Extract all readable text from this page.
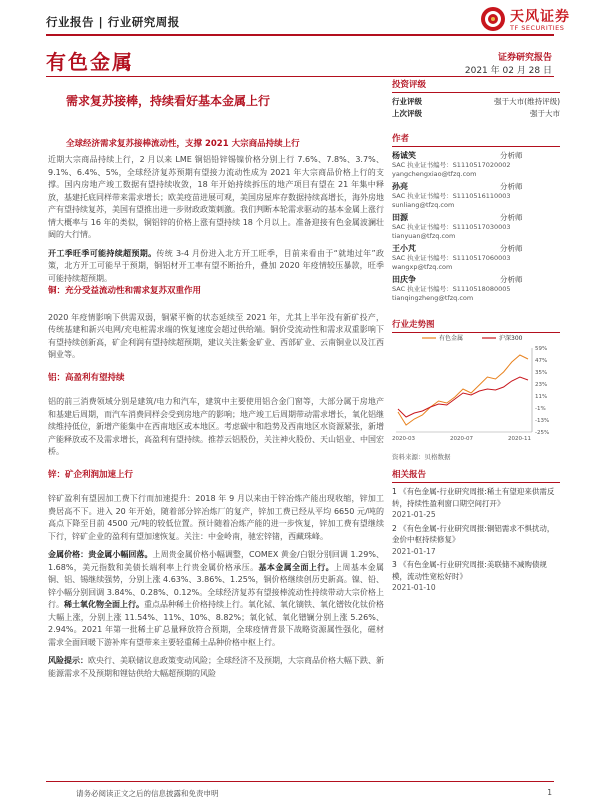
行业报告 | 行业研究周报	天风证券
TF SECURITIES
有色金属	证券研究报告
2021 年 02 月 28 日
需求复苏接棒，持续看好基本金属上行
全球经济需求复苏接棒流动性，支撑 2021 大宗商品持续上行

近期大宗商品持续上行，2 月以来 LME 铜铝铅锌锡镍价格分别上行 7.6%、7.8%、3.7%、9.1%、6.4%、5%，全球经济复苏预期有望接力流动性成为 2021 年大宗商品价格上行的支撑。国内房地产竣工数据有望持续收敛，18 年开始持续拆压的地产项目有望在 21 年集中释放，基建托底同样带来需求增长；欧美疫苗进展可观，美国房屋库存数据持续高增长，海外房地产有望持续复苏，美国有望推出进一步财政政策刺激。我们判断本轮需求驱动的基本金属上涨行情大概率与 16 年的类似，铜铝锌的价格上涨有望持续 18 个月以上。准备迎接有色金属波澜壮阔的大行情。

开工季旺季可能持续超预期。传统 3-4 月份进入北方开工旺季，目前来看由于“就地过年”政策，北方开工可能早于预期，铜铝材开工率有望不断抬升，叠加 2020 年疫情较压暴款，旺季可能持续超预期。

铜：充分受益流动性和需求复苏双重作用

2020 年疫情影响下供需双弱，铜紧平衡的状态延续至 2021 年，尤其上半年没有新矿投产，传统基建和新兴电网/充电桩需求端的恢复速度会超过供给端。铜价受流动性和需求双重影响下有望持续创新高，矿企利润有望持续超预期，建议关注紫金矿业、西部矿业、云南铜业以及江西铜业等。

铝：高盈利有望持续

铝的前三消费领域分别是建筑/电力和汽车，建筑中主要使用铝合金门窗等，大部分属于房地产和基建后周期，而汽车消费同样会受到房地产的影响；地产竣工后周期带动需求增长，氧化铝继续维持低位，新增产能集中在西南地区或本地区。考虑碳中和趋势及西南地区水资源紧张，新增产能释放或不及需求增长，高盈利有望持续。推荐云铝股份，关注神火股份、天山铝业、中国宏桥。

锌：矿企利润加速上行

锌矿盈利有望因加工费下行而加速提升：2018 年 9 月以来由于锌冶炼产能出现收缩，锌加工费居高不下。进入 20 年开始，随着部分锌冶炼厂的复产，锌加工费已经从平均 6650 元/吨的高点下降至目前 4500 元/吨的较低位置。预计随着冶炼产能的进一步恢复，锌加工费有望继续下行，锌矿企业的盈利有望加速恢复。关注：中金岭南，驰宏锌锗，西藏珠峰。

金属价格：贵金属小幅回落。上周贵金属价格小幅调整，COMEX 黄金/白银分别回调 1.29%、1.68%，美元指数和美债长端利率上行贵金属价格承压。基本金属全面上行。上周基本金属铜、铝、锡继续强势，分别上涨 4.63%、3.86%、1.25%，铜价格继续创历史新高。镍、铅、锌小幅分别回调 3.84%、0.28%、0.12%。全球经济复苏有望接棒流动性持续带动大宗价格上行。稀土氧化物全面上行。重点品种稀土价格持续上行。氧化铽、氧化镝铁、氧化镨钕化钛价格大幅上涨，分别上涨 11.54%、11%、10%、8.82%；氧化铽、氧化镨镧分别上涨 5.26%、2.94%。2021 年第一批稀土矿总量释放符合预期，全球疫情背景下战略资源属性强化，磁材需求全面回暖下游补库有望带来主要轻重稀土品种价格中枢上行。

风险提示：欧央行、美联储议息政策变动风险；全球经济不及预期，大宗商品价格大幅下跌、新能源需求不及预期和锂钴供给大幅超预期的风险

投资评级
行业评级	强于大市(维持评级)
上次评级	强于大市
作者
杨诚笑	分析师
SAC 执业证书编号：S1110517020002
yangchengxiao@tfzq.com
孙亮	分析师
SAC 执业证书编号：S1110516110003
sunliang@tfzq.com
田源	分析师
SAC 执业证书编号：S1110517030003
tianyuan@tfzq.com
王小芃	分析师
SAC 执业证书编号：S1110517060003
wangxp@tfzq.com
田庆争	分析师
SAC 执业证书编号：S1110518080005
tianqingzheng@tfzq.com
行业走势图
59%
47%
35%
23%
11%
-1%
-13%
-25%
2020-03	2020-07	2020-11
有色金属	沪深300
资料来源：贝格数据
相关报告
1 《有色金属-行业研究周报:稀土有望迎来供需反转，持续性盈利窗口期空间打开》
2021-01-25
2 《有色金属-行业研究周报:铜铝需求不惧扰动，金价中枢持续修复》
2021-01-17
3 《有色金属-行业研究周报:美联储不减购债规模，流动性宽松好时》
2021-01-10
请务必阅读正文之后的信息披露和免责申明	1
